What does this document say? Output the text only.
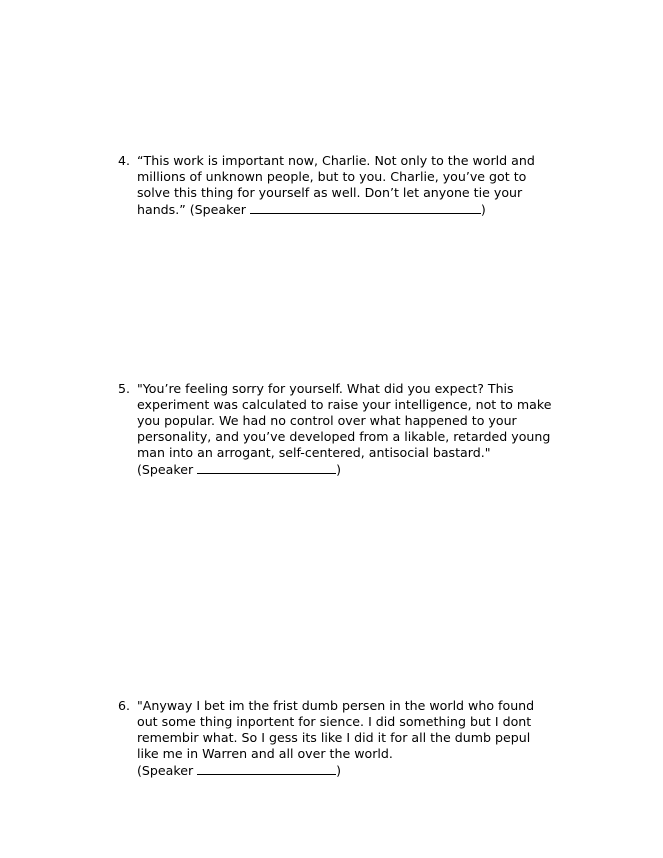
4. “This work is important now, Charlie. Not only to the world and
millions of unknown people, but to you. Charlie, you’ve got to
solve this thing for yourself as well. Don’t let anyone tie your
hands.” (Speaker	)
5. "You’re feeling sorry for yourself. What did you expect? This
experiment was calculated to raise your intelligence, not to make
you popular. We had no control over what happened to your
personality, and you’ve developed from a likable, retarded young
man into an arrogant, self-centered, antisocial bastard."
(Speaker	)
6. "Anyway I bet im the frist dumb persen in the world who found
out some thing inportent for sience. I did something but I dont
remembir what. So I gess its like I did it for all the dumb pepul
like me in Warren and all over the world.
(Speaker	)
